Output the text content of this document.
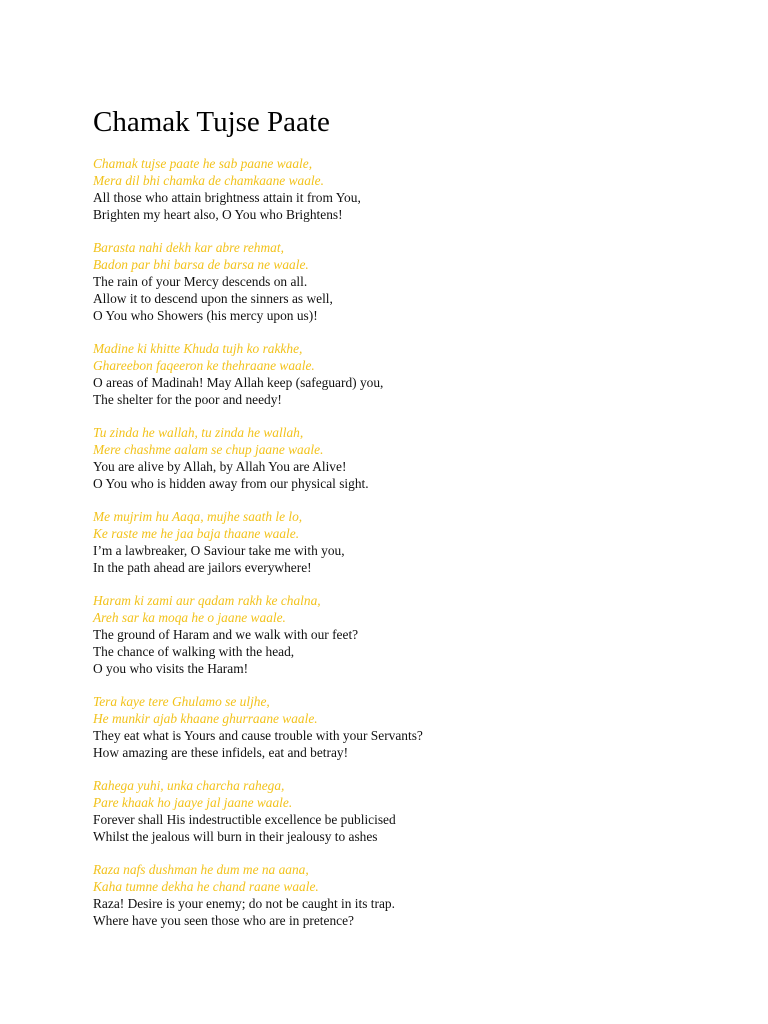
Chamak Tujse Paate
Chamak tujse paate he sab paane waale,
Mera dil bhi chamka de chamkaane waale.
All those who attain brightness attain it from You,
Brighten my heart also, O You who Brightens!
Barasta nahi dekh kar abre rehmat,
Badon par bhi barsa de barsa ne waale.
The rain of your Mercy descends on all.
Allow it to descend upon the sinners as well,
O You who Showers (his mercy upon us)!
Madine ki khitte Khuda tujh ko rakkhe,
Ghareebon faqeeron ke thehraane waale.
O areas of Madinah! May Allah keep (safeguard) you,
The shelter for the poor and needy!
Tu zinda he wallah, tu zinda he wallah,
Mere chashme aalam se chup jaane waale.
You are alive by Allah, by Allah You are Alive!
O You who is hidden away from our physical sight.
Me mujrim hu Aaqa, mujhe saath le lo,
Ke raste me he jaa baja thaane waale.
I’m a lawbreaker, O Saviour take me with you,
In the path ahead are jailors everywhere!
Haram ki zami aur qadam rakh ke chalna,
Areh sar ka moqa he o jaane waale.
The ground of Haram and we walk with our feet?
The chance of walking with the head,
O you who visits the Haram!
Tera kaye tere Ghulamo se uljhe,
He munkir ajab khaane ghurraane waale.
They eat what is Yours and cause trouble with your Servants?
How amazing are these infidels, eat and betray!
Rahega yuhi, unka charcha rahega,
Pare khaak ho jaaye jal jaane waale.
Forever shall His indestructible excellence be publicised
Whilst the jealous will burn in their jealousy to ashes
Raza nafs dushman he dum me na aana,
Kaha tumne dekha he chand raane waale.
Raza! Desire is your enemy; do not be caught in its trap.
Where have you seen those who are in pretence?
